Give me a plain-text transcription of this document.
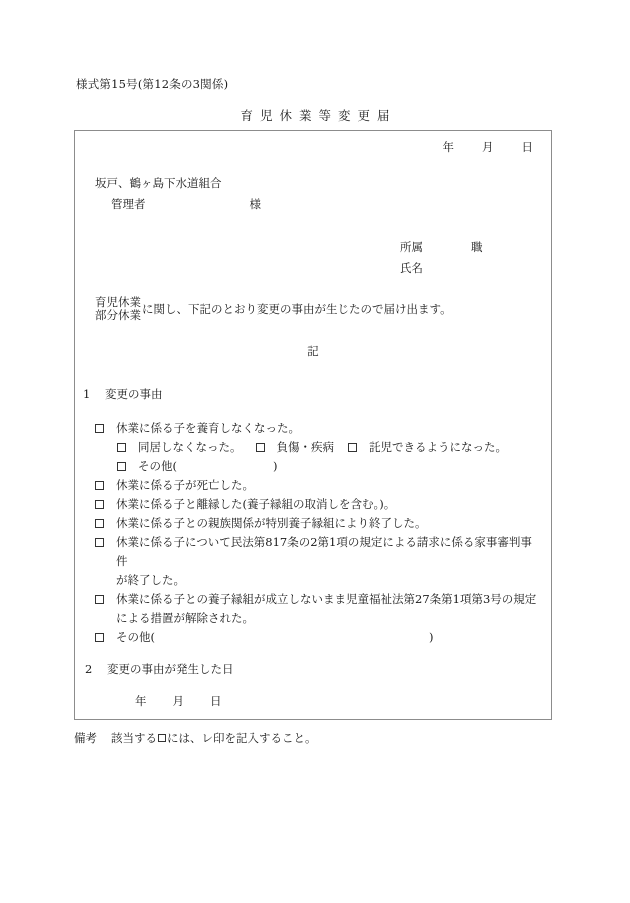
様式第15号(第12条の3関係)
育児休業等変更届
年 月 日
坂戸、鶴ヶ島下水道組合
管理者	様
所属	職
氏名
育児休業
部分休業 に関し、下記のとおり変更の事由が生じたので届け出ます。
記
1 変更の事由
休業に係る子を養育しなくなった。
同居しなくなった。	負傷・疾病	託児できるようになった。
その他(	)
休業に係る子が死亡した。
休業に係る子と離縁した(養子縁組の取消しを含む。)。
休業に係る子との親族関係が特別養子縁組により終了した。
休業に係る子について民法第817条の2第1項の規定による請求に係る家事審判事件
が終了した。
休業に係る子との養子縁組が成立しないまま児童福祉法第27条第1項第3号の規定
による措置が解除された。
その他(	)
2 変更の事由が発生した日
年 月 日
備考 該当する には、レ印を記入すること。
